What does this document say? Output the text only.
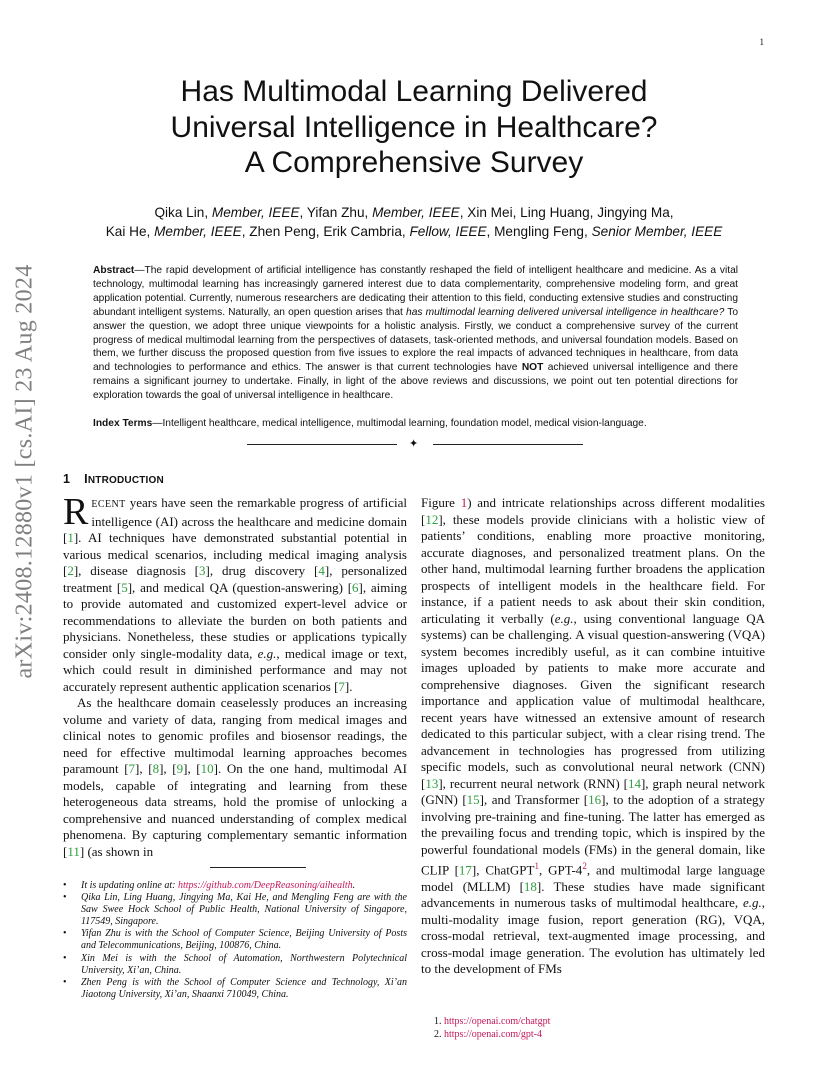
1
arXiv:2408.12880v1 [cs.AI] 23 Aug 2024
Has Multimodal Learning Delivered
Universal Intelligence in Healthcare?
A Comprehensive Survey
Qika Lin, Member, IEEE, Yifan Zhu, Member, IEEE, Xin Mei, Ling Huang, Jingying Ma,
Kai He, Member, IEEE, Zhen Peng, Erik Cambria, Fellow, IEEE, Mengling Feng, Senior Member, IEEE
Abstract—The rapid development of artificial intelligence has constantly reshaped the field of intelligent healthcare and medicine. As a vital technology, multimodal learning has increasingly garnered interest due to data complementarity, comprehensive modeling form, and great application potential. Currently, numerous researchers are dedicating their attention to this field, conducting extensive studies and constructing abundant intelligent systems. Naturally, an open question arises that has multimodal learning delivered universal intelligence in healthcare? To answer the question, we adopt three unique viewpoints for a holistic analysis. Firstly, we conduct a comprehensive survey of the current progress of medical multimodal learning from the perspectives of datasets, task-oriented methods, and universal foundation models. Based on them, we further discuss the proposed question from five issues to explore the real impacts of advanced techniques in healthcare, from data and technologies to performance and ethics. The answer is that current technologies have NOT achieved universal intelligence and there remains a significant journey to undertake. Finally, in light of the above reviews and discussions, we point out ten potential directions for exploration towards the goal of universal intelligence in healthcare.
Index Terms—Intelligent healthcare, medical intelligence, multimodal learning, foundation model, medical vision-language.
✦
1 INTRODUCTION

R ECENT years have seen the remarkable progress of artificial intelligence (AI) across the healthcare and medicine domain [1]. AI techniques have demonstrated substantial potential in various medical scenarios, including medical imaging analysis [2], disease diagnosis [3], drug discovery [4], personalized treatment [5], and medical QA (question-answering) [6], aiming to provide automated and customized expert-level advice or recommendations to alleviate the burden on both patients and physicians. Nonetheless, these studies or applications typically consider only single-modality data, e.g., medical image or text, which could result in diminished performance and may not accurately represent authentic application scenarios [7].

As the healthcare domain ceaselessly produces an increasing volume and variety of data, ranging from medical images and clinical notes to genomic profiles and biosensor readings, the need for effective multimodal learning approaches becomes paramount [7], [8], [9], [10]. On the one hand, multimodal AI models, capable of integrating and learning from these heterogeneous data streams, hold the promise of unlocking a comprehensive and nuanced understanding of complex medical phenomena. By capturing complementary semantic information [11] (as shown in

Figure 1) and intricate relationships across different modalities [12], these models provide clinicians with a holistic view of patients’ conditions, enabling more proactive monitoring, accurate diagnoses, and personalized treatment plans. On the other hand, multimodal learning further broadens the application prospects of intelligent models in the healthcare field. For instance, if a patient needs to ask about their skin condition, articulating it verbally (e.g., using conventional language QA systems) can be challenging. A visual question-answering (VQA) system becomes incredibly useful, as it can combine intuitive images uploaded by patients to make more accurate and comprehensive diagnoses. Given the significant research importance and application value of multimodal healthcare, recent years have witnessed an extensive amount of research dedicated to this particular subject, with a clear rising trend. The advancement in technologies has progressed from utilizing specific models, such as convolutional neural network (CNN) [13], recurrent neural network (RNN) [14], graph neural network (GNN) [15], and Transformer [16], to the adoption of a strategy involving pre-training and fine-tuning. The latter has emerged as the prevailing focus and trending topic, which is inspired by the powerful foundational models (FMs) in the general domain, like CLIP [17], ChatGPT$^1$, GPT-4$^2$, and multimodal large language model (MLLM) [18]. These studies have made significant advancements in numerous tasks of multimodal healthcare, e.g., multi-modality image fusion, report generation (RG), VQA, cross-modal retrieval, text-augmented image processing, and cross-modal image generation. The evolution has ultimately led to the development of FMs

• It is updating online at: https://github.com/DeepReasoning/aihealth.
• Qika Lin, Ling Huang, Jingying Ma, Kai He, and Mengling Feng are with the Saw Swee Hock School of Public Health, National University of Singapore, 117549, Singapore.
• Yifan Zhu is with the School of Computer Science, Beijing University of Posts and Telecommunications, Beijing, 100876, China.
• Xin Mei is with the School of Automation, Northwestern Polytechnical University, Xi’an, China.
• Zhen Peng is with the School of Computer Science and Technology, Xi’an Jiaotong University, Xi’an, Shaanxi 710049, China.
1. https://openai.com/chatgpt
2. https://openai.com/gpt-4
